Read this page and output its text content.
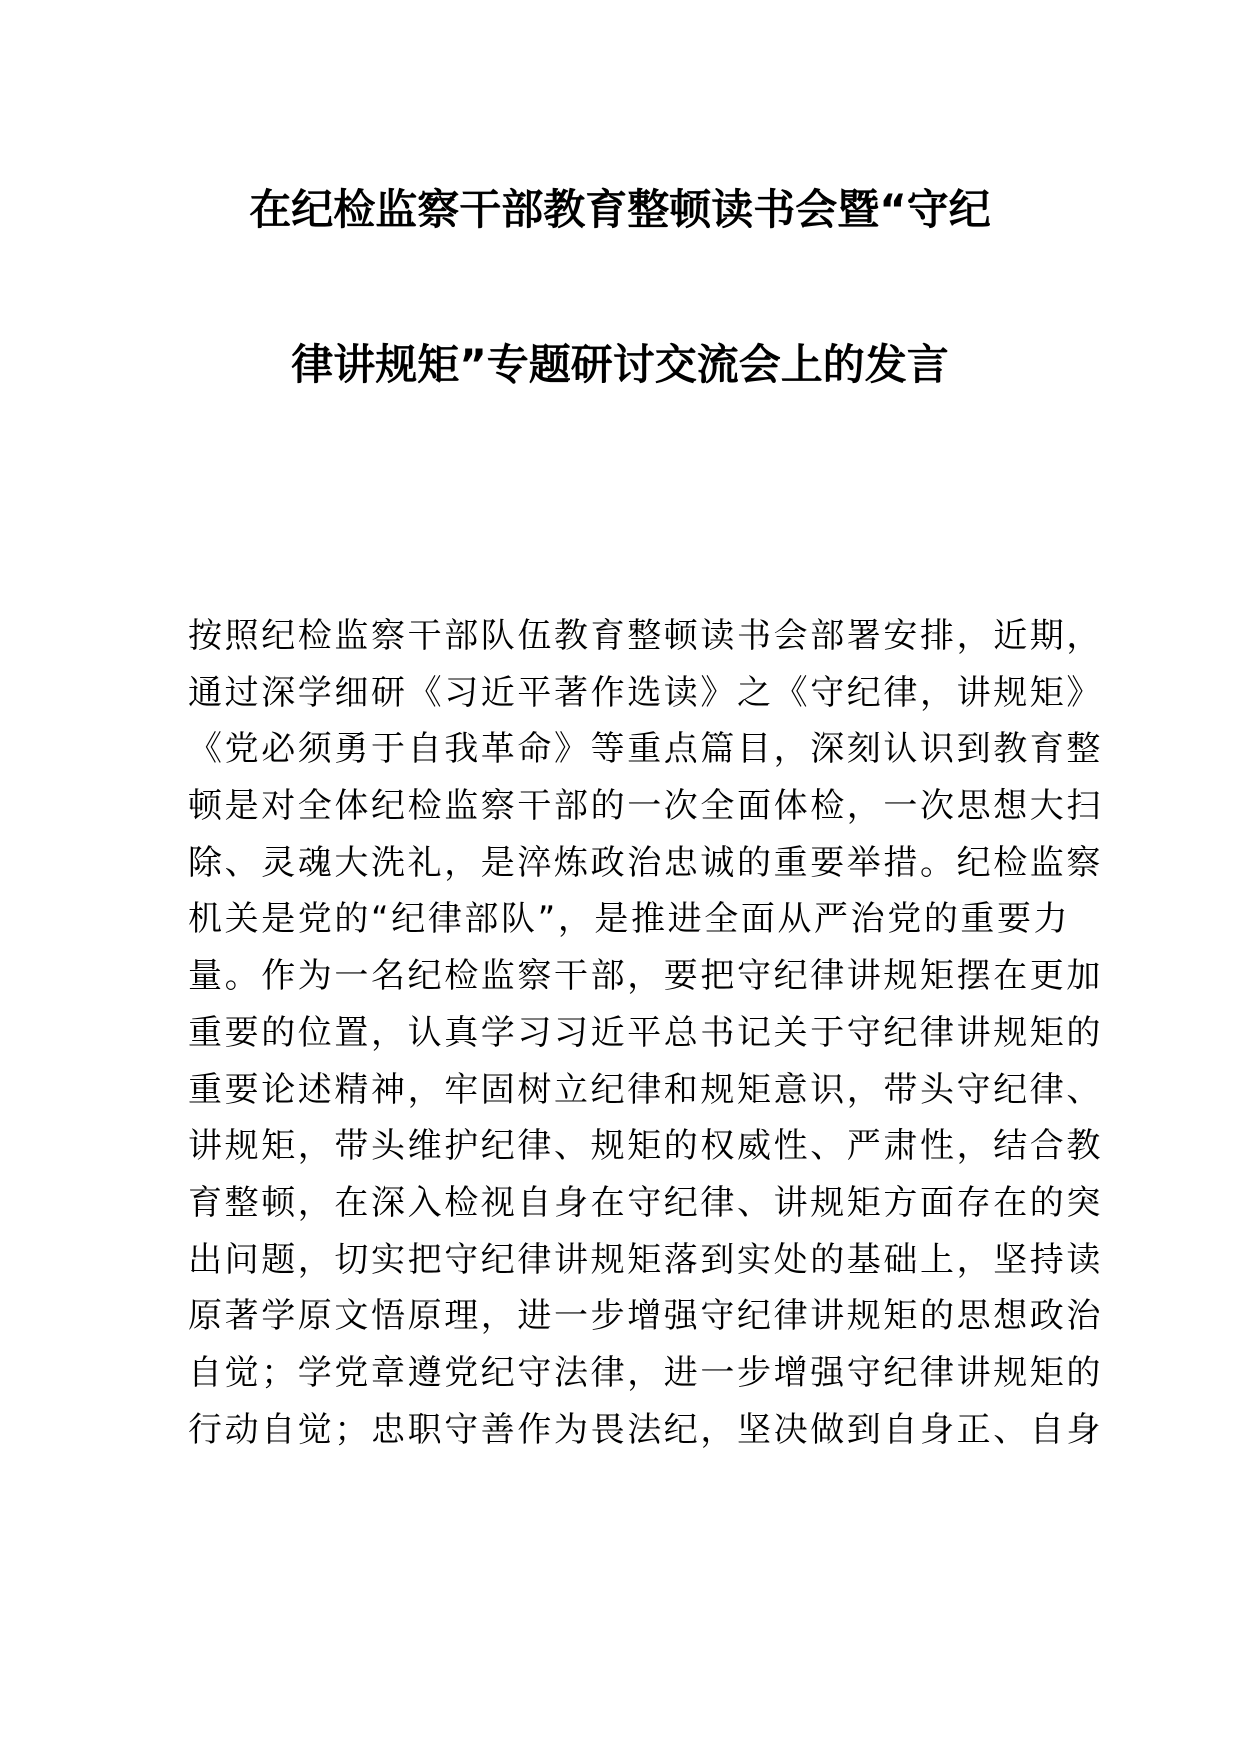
在纪检监察干部教育整顿读书会暨“守纪
律讲规矩”专题研讨交流会上的发言
按照纪检监察干部队伍教育整顿读书会部署安排，近期，
通过深学细研《习近平著作选读》之《守纪律，讲规矩》
《党必须勇于自我革命》等重点篇目，深刻认识到教育整
顿是对全体纪检监察干部的一次全面体检，一次思想大扫
除、灵魂大洗礼，是淬炼政治忠诚的重要举措。纪检监察
机关是党的“纪律部队”，是推进全面从严治党的重要力
量。作为一名纪检监察干部，要把守纪律讲规矩摆在更加
重要的位置，认真学习习近平总书记关于守纪律讲规矩的
重要论述精神，牢固树立纪律和规矩意识，带头守纪律、
讲规矩，带头维护纪律、规矩的权威性、严肃性，结合教
育整顿，在深入检视自身在守纪律、讲规矩方面存在的突
出问题，切实把守纪律讲规矩落到实处的基础上，坚持读
原著学原文悟原理，进一步增强守纪律讲规矩的思想政治
自觉；学党章遵党纪守法律，进一步增强守纪律讲规矩的
行动自觉；忠职守善作为畏法纪，坚决做到自身正、自身
